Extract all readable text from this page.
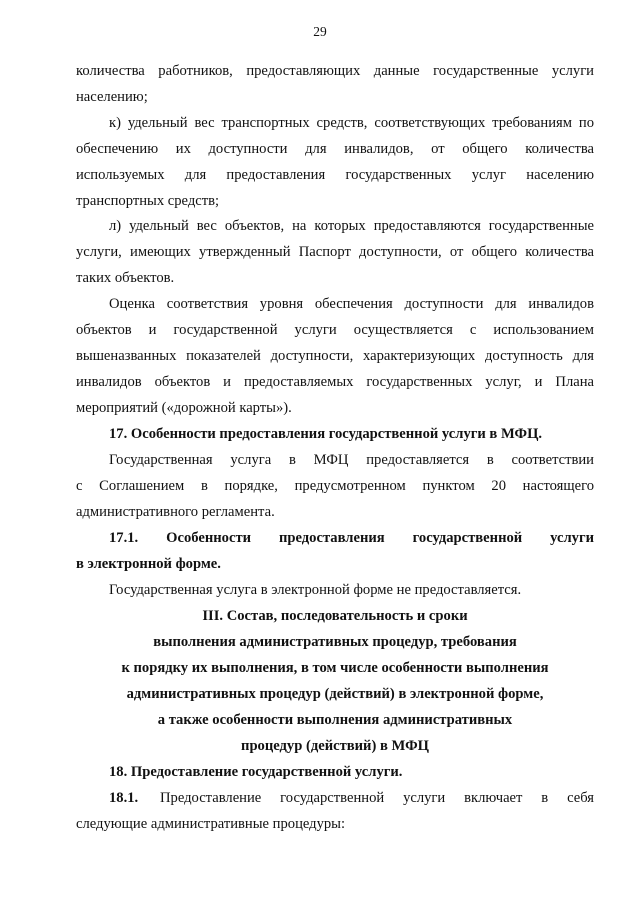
29
количества работников, предоставляющих данные государственные услуги
населению;
к) удельный вес транспортных средств, соответствующих требованиям по
обеспечению их доступности для инвалидов, от общего количества
используемых для предоставления государственных услуг населению
транспортных средств;
л) удельный вес объектов, на которых предоставляются государственные
услуги, имеющих утвержденный Паспорт доступности, от общего количества
таких объектов.
Оценка соответствия уровня обеспечения доступности для инвалидов
объектов и государственной услуги осуществляется с использованием
вышеназванных показателей доступности, характеризующих доступность для
инвалидов объектов и предоставляемых государственных услуг, и Плана
мероприятий («дорожной карты»).
17. Особенности предоставления государственной услуги в МФЦ.
Государственная услуга в МФЦ предоставляется в соответствии
с Соглашением в порядке, предусмотренном пунктом 20 настоящего
административного регламента.
17.1. Особенности предоставления государственной услуги
в электронной форме.
Государственная услуга в электронной форме не предоставляется.
III. Состав, последовательность и сроки
выполнения административных процедур, требования
к порядку их выполнения, в том числе особенности выполнения
административных процедур (действий) в электронной форме,
а также особенности выполнения административных
процедур (действий) в МФЦ
18. Предоставление государственной услуги.
18.1.	Предоставление государственной услуги включает в себя
следующие административные процедуры:
